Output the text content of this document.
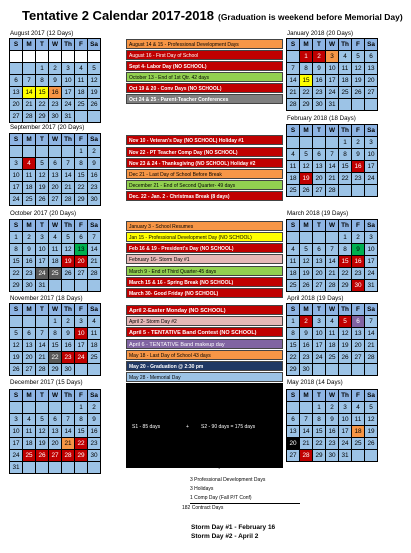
Tentative 2 Calendar 2017-2018 (Graduation is weekend before Memorial Day)
August 2017 (12 Days)
S	M	T	W	Th	F	Sa

		1	2	3	4	5
6	7	8	9	10	11	12
13	14	15	16	17	18	19
20	21	22	23	24	25	26
27	28	29	30	31		
September 2017 (20 Days)
S	M	T	W	Th	F	Sa
					1	2
3	4	5	6	7	8	9
10	11	12	13	14	15	16
17	18	19	20	21	22	23
24	25	26	27	28	29	30
October 2017 (20 Days)
S	M	T	W	Th	F	Sa
1	2	3	4	5	6	7
8	9	10	11	12	13	14
15	16	17	18	19	20	21
22	23	24	25	26	27	28
29	30	31				
November 2017 (18 Days)
S	M	T	W	Th	F	Sa
			1	2	3	4
5	6	7	8	9	10	11
12	13	14	15	16	17	18
19	20	21	22	23	24	25
26	27	28	29	30		
December 2017 (15 Days)
S	M	T	W	Th	F	Sa
					1	2
3	4	5	6	7	8	9
10	11	12	13	14	15	16
17	18	19	20	21	22	23
24	25	26	27	28	29	30
31						
January 2018 (20 Days)
S	M	T	W	Th	F	Sa
	1	2	3	4	5	6
7	8	9	10	11	12	13
14	15	16	17	18	19	20
21	22	23	24	25	26	27
28	29	30	31			
February 2018 (18 Days)
S	M	T	W	Th	F	Sa
				1	2	3
4	5	6	7	8	9	10
11	12	13	14	15	16	17
18	19	20	21	22	23	24
25	26	27	28			
March 2018 (19 Days)
S	M	T	W	Th	F	Sa
				1	2	3
4	5	6	7	8	9	10
11	12	13	14	15	16	17
18	19	20	21	22	23	24
25	26	27	28	29	30	31
April 2018 (19 Days)
S	M	T	W	Th	F	Sa
1	2	3	4	5	6	7
8	9	10	11	12	13	14
15	16	17	18	19	20	21
22	23	24	25	26	27	28
29	30					
May 2018 (14 Days)
S	M	T	W	Th	F	Sa
		1	2	3	4	5
6	7	8	9	10	11	12
13	14	15	16	17	18	19
20	21	22	23	24	25	26
27	28	29	30	31		
August 14 & 15 - Professional Development Days
August 16 - First Day of School
Sept 4- Labor Day (NO SCHOOL)
October 13 - End of 1st Qtr. 42 days
Oct 19 & 20 - Conv Days (NO SCHOOL)
Oct 24 & 25 - Parent-Teacher Conferences
Nov 10 - Veteran's Day (NO SCHOOL) Holiday #1
Nov 22 - PT Teacher Comp Day (NO SCHOOL)
Nov 23 & 24 - Thanksgiving (NO SCHOOL) Holiday #2
Dec 21 - Last Day of School Before Break
December 21 - End of Second Quarter- 49 days
Dec. 22 - Jan. 2 - Christmas Break (8 days)
January 3 - School Resumes
Jan 15 - Professional Development Day (NO SCHOOL)
Feb 16 & 19 - President's Day (NO SCHOOL)
February 16- Storm Day #1
March 9 - End of Third Quarter-45 days
March 15 & 16 - Spring Break (NO SCHOOL)
March 30- Good Friday (NO SCHOOL)
April 2-Easter Monday (NO SCHOOL)
April 2- Storm Day #2
April 5 - TENTATIVE Band Contest (NO SCHOOL)
April 6 - TENTATIVE Band makeup day
May 18 - Last Day of School 43 days
May 20 - Graduation @ 2:30 pm
May 28 - Memorial Day
S1 - 85 days	+ S2 - 90 days = 175 days
175 Contract Days
3 Professional Development Days
3 Holidays
1 Comp Day (Fall P/T Conf)
182 Contract Days
Storm Day #1 - February 16
Storm Day #2 - April 2
